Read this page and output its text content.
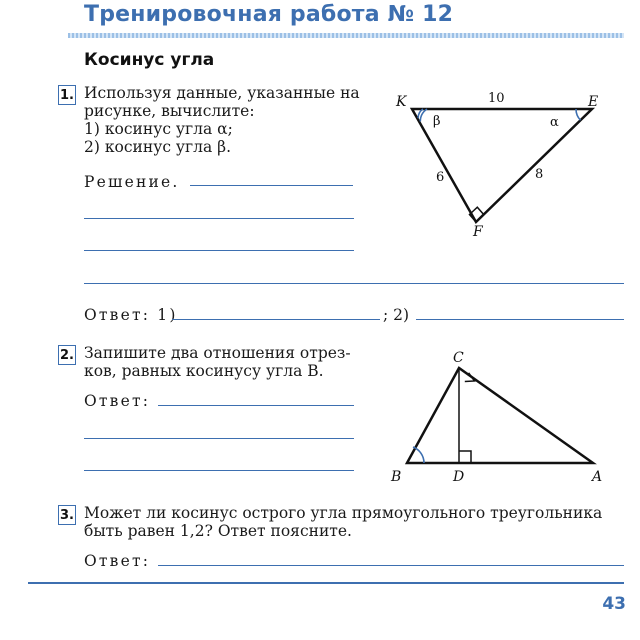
Тренировочная работа № 12
Косинус угла
1. Используя данные, указанные на
рисунке, вычислите:
1) косинус угла α;
2) косинус угла β.
Решение.
Ответ: 1)	; 2)
K	E
F
10
6	8
β	α
2. Запишите два отношения отрез-
ков, равных косинусу угла B.
Ответ:
C
B	D	A
3. Может ли косинус острого угла прямоугольного треугольника
быть равен 1,2? Ответ поясните.
Ответ:
43
